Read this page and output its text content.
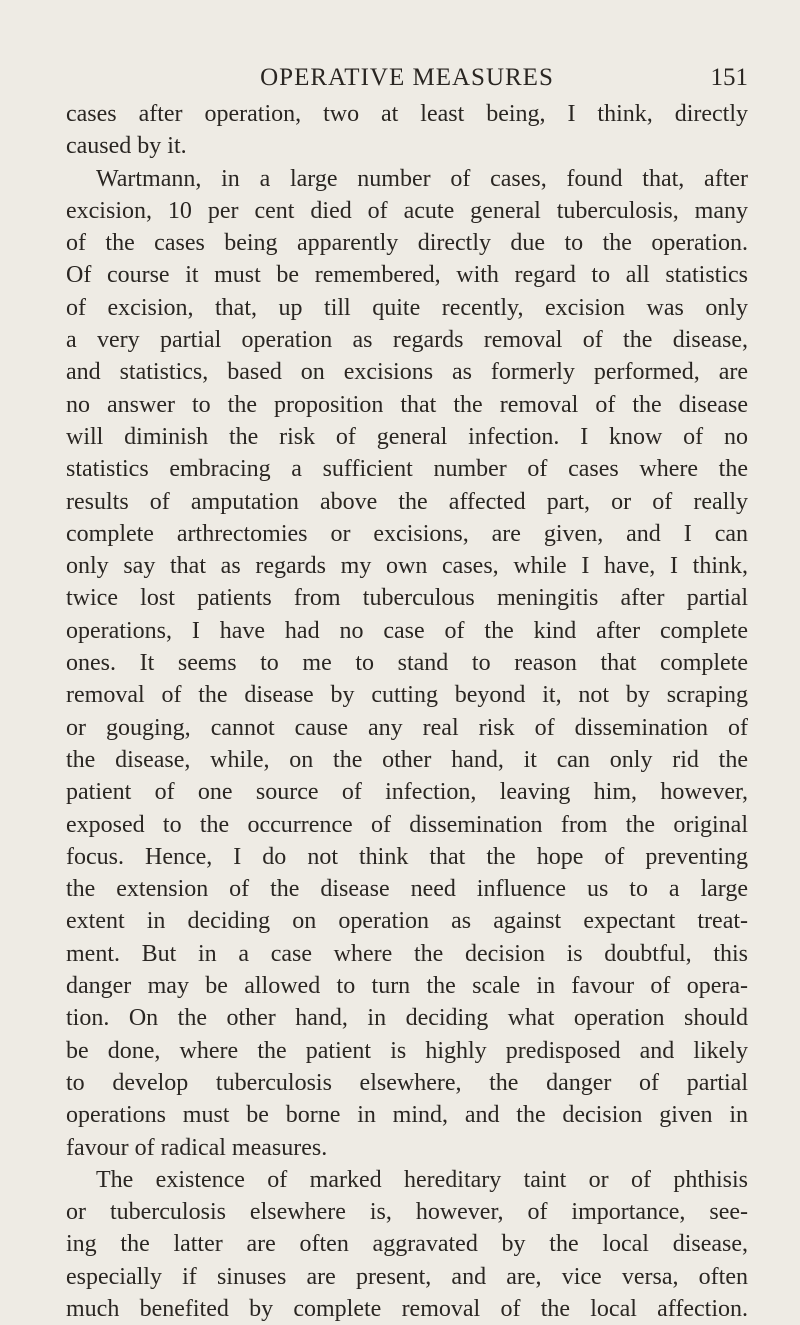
OPERATIVE MEASURES	151
cases after operation, two at least being, I think, directly
caused by it.
Wartmann, in a large number of cases, found that, after
excision, 10 per cent died of acute general tuberculosis, many
of the cases being apparently directly due to the operation.
Of course it must be remembered, with regard to all statistics
of excision, that, up till quite recently, excision was only
a very partial operation as regards removal of the disease,
and statistics, based on excisions as formerly performed, are
no answer to the proposition that the removal of the disease
will diminish the risk of general infection. I know of no
statistics embracing a sufficient number of cases where the
results of amputation above the affected part, or of really
complete arthrectomies or excisions, are given, and I can
only say that as regards my own cases, while I have, I think,
twice lost patients from tuberculous meningitis after partial
operations, I have had no case of the kind after complete
ones. It seems to me to stand to reason that complete
removal of the disease by cutting beyond it, not by scraping
or gouging, cannot cause any real risk of dissemination of
the disease, while, on the other hand, it can only rid the
patient of one source of infection, leaving him, however,
exposed to the occurrence of dissemination from the original
focus. Hence, I do not think that the hope of preventing
the extension of the disease need influence us to a large
extent in deciding on operation as against expectant treat-
ment. But in a case where the decision is doubtful, this
danger may be allowed to turn the scale in favour of opera-
tion. On the other hand, in deciding what operation should
be done, where the patient is highly predisposed and likely
to develop tuberculosis elsewhere, the danger of partial
operations must be borne in mind, and the decision given in
favour of radical measures.
The existence of marked hereditary taint or of phthisis
or tuberculosis elsewhere is, however, of importance, see-
ing the latter are often aggravated by the local disease,
especially if sinuses are present, and are, vice versa, often
much benefited by complete removal of the local affection.
